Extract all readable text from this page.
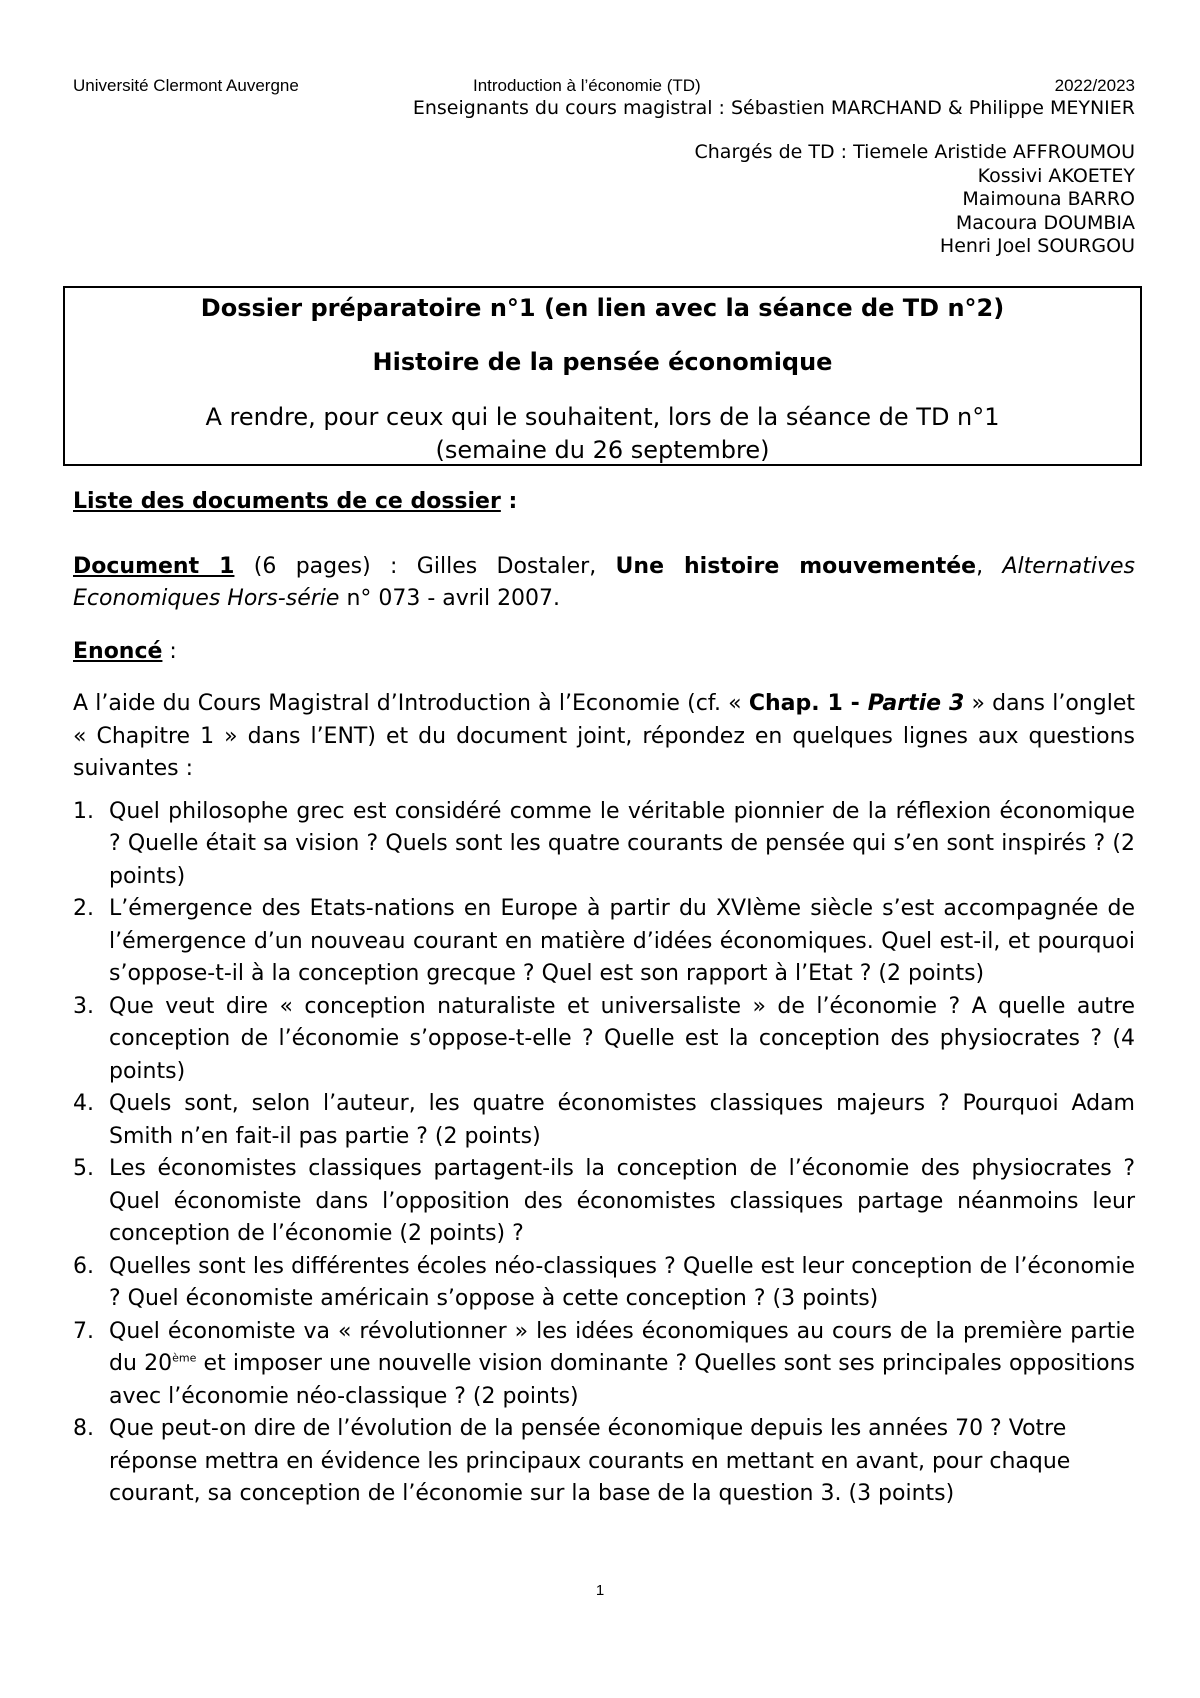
Université Clermont Auvergne	Introduction à l’économie (TD)	2022/2023
Enseignants du cours magistral : Sébastien MARCHAND & Philippe MEYNIER
Chargés de TD : Tiemele Aristide AFFROUMOU
Kossivi AKOETEY
Maimouna BARRO
Macoura DOUMBIA
Henri Joel SOURGOU
Dossier préparatoire n°1 (en lien avec la séance de TD n°2)
Histoire de la pensée économique
A rendre, pour ceux qui le souhaitent, lors de la séance de TD n°1
(semaine du 26 septembre)

Liste des documents de ce dossier :

Document 1 (6 pages) : Gilles Dostaler, Une histoire mouvementée, Alternatives Economiques Hors-série n° 073 - avril 2007.

Enoncé :

A l’aide du Cours Magistral d’Introduction à l’Economie (cf. « Chap. 1 - Partie 3 » dans l’onglet « Chapitre 1 » dans l’ENT) et du document joint, répondez en quelques lignes aux questions suivantes :

1. Quel philosophe grec est considéré comme le véritable pionnier de la réflexion économique ? Quelle était sa vision ? Quels sont les quatre courants de pensée qui s’en sont inspirés ? (2 points)
2. L’émergence des Etats-nations en Europe à partir du XVIème siècle s’est accompagnée de l’émergence d’un nouveau courant en matière d’idées économiques. Quel est-il, et pourquoi s’oppose-t-il à la conception grecque ? Quel est son rapport à l’Etat ? (2 points)
3. Que veut dire « conception naturaliste et universaliste » de l’économie ? A quelle autre conception de l’économie s’oppose-t-elle ? Quelle est la conception des physiocrates ? (4 points)
4. Quels sont, selon l’auteur, les quatre économistes classiques majeurs ? Pourquoi Adam Smith n’en fait-il pas partie ? (2 points)
5. Les économistes classiques partagent-ils la conception de l’économie des physiocrates ? Quel économiste dans l’opposition des économistes classiques partage néanmoins leur conception de l’économie (2 points) ?
6. Quelles sont les différentes écoles néo-classiques ? Quelle est leur conception de l’économie ? Quel économiste américain s’oppose à cette conception ? (3 points)
7. Quel économiste va « révolutionner » les idées économiques au cours de la première partie du 20ème et imposer une nouvelle vision dominante ? Quelles sont ses principales oppositions avec l’économie néo-classique ? (2 points)
8. Que peut-on dire de l’évolution de la pensée économique depuis les années 70 ? Votre réponse mettra en évidence les principaux courants en mettant en avant, pour chaque courant, sa conception de l’économie sur la base de la question 3. (3 points)
1
